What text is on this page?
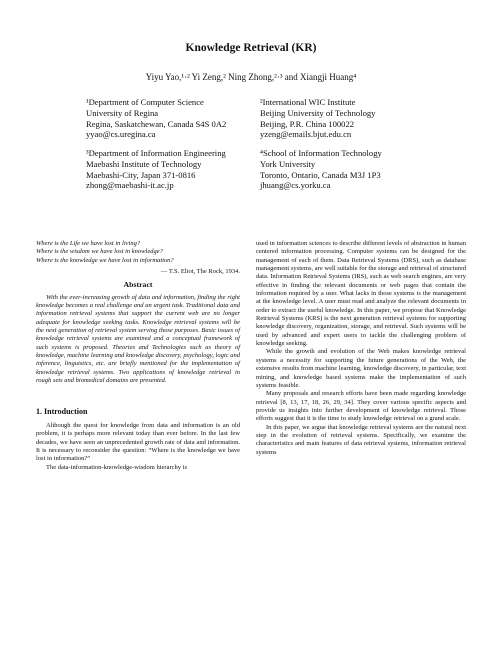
Knowledge Retrieval (KR)
Yiyu Yao,¹·² Yi Zeng,² Ning Zhong,²·³ and Xiangji Huang⁴
¹Department of Computer Science
University of Regina
Regina, Saskatchewan, Canada S4S 0A2
yyao@cs.uregina.ca
²International WIC Institute
Beijing University of Technology
Beijing, P.R. China 100022
yzeng@emails.bjut.edu.cn
³Department of Information Engineering
Maebashi Institute of Technology
Maebashi-City, Japan 371-0816
zhong@maebashi-it.ac.jp
⁴School of Information Technology
York University
Toronto, Ontario, Canada M3J 1P3
jhuang@cs.yorku.ca
Where is the Life we have lost in living?
Where is the wisdom we have lost in knowledge?
Where is the knowledge we have lost in information?
— T.S. Eliot, The Rock, 1934.
Abstract

With the ever-increasing growth of data and information, finding the right knowledge becomes a real challenge and an urgent task. Traditional data and information retrieval systems that support the current web are no longer adequate for knowledge seeking tasks. Knowledge retrieval systems will be the next generation of retrieval system serving those purposes. Basic issues of knowledge retrieval systems are examined and a conceptual framework of such systems is proposed. Theories and Technologies such as theory of knowledge, machine learning and knowledge discovery, psychology, logic and inference, linguistics, etc. are briefly mentioned for the implementation of knowledge retrieval systems. Two applications of knowledge retrieval in rough sets and biomedical domains are presented.

1. Introduction

Although the quest for knowledge from data and information is an old problem, it is perhaps more relevant today than ever before. In the last few decades, we have seen an unprecedented growth rate of data and information. It is necessary to reconsider the question: “Where is the knowledge we have lost in information?”

The data-information-knowledge-wisdom hierarchy is

used in information sciences to describe different levels of abstraction in human centered information processing. Computer systems can be designed for the management of each of them. Data Retrieval Systems (DRS), such as database management systems, are well suitable for the storage and retrieval of structured data. Information Retrieval Systems (IRS), such as web search engines, are very effective in finding the relevant documents or web pages that contain the information required by a user. What lacks in those systems is the management at the knowledge level. A user must read and analyze the relevant documents in order to extract the useful knowledge. In this paper, we propose that Knowledge Retrieval Systems (KRS) is the next generation retrieval systems for supporting knowledge discovery, organization, storage, and retrieval. Such systems will be used by advanced and expert users to tackle the challenging problem of knowledge seeking.

While the growth and evolution of the Web makes knowledge retrieval systems a necessity for supporting the future generations of the Web, the extensive results from machine learning, knowledge discovery, in particular, text mining, and knowledge based systems make the implementation of such systems feasible.

Many proposals and research efforts have been made regarding knowledge retrieval [8, 13, 17, 18, 26, 29, 34]. They cover various specific aspects and provide us insights into further development of knowledge retrieval. Those efforts suggest that it is the time to study knowledge retrieval on a grand scale.

In this paper, we argue that knowledge retrieval systems are the natural next step in the evolution of retrieval systems. Specifically, we examine the characteristics and main features of data retrieval systems, information retrieval systems
